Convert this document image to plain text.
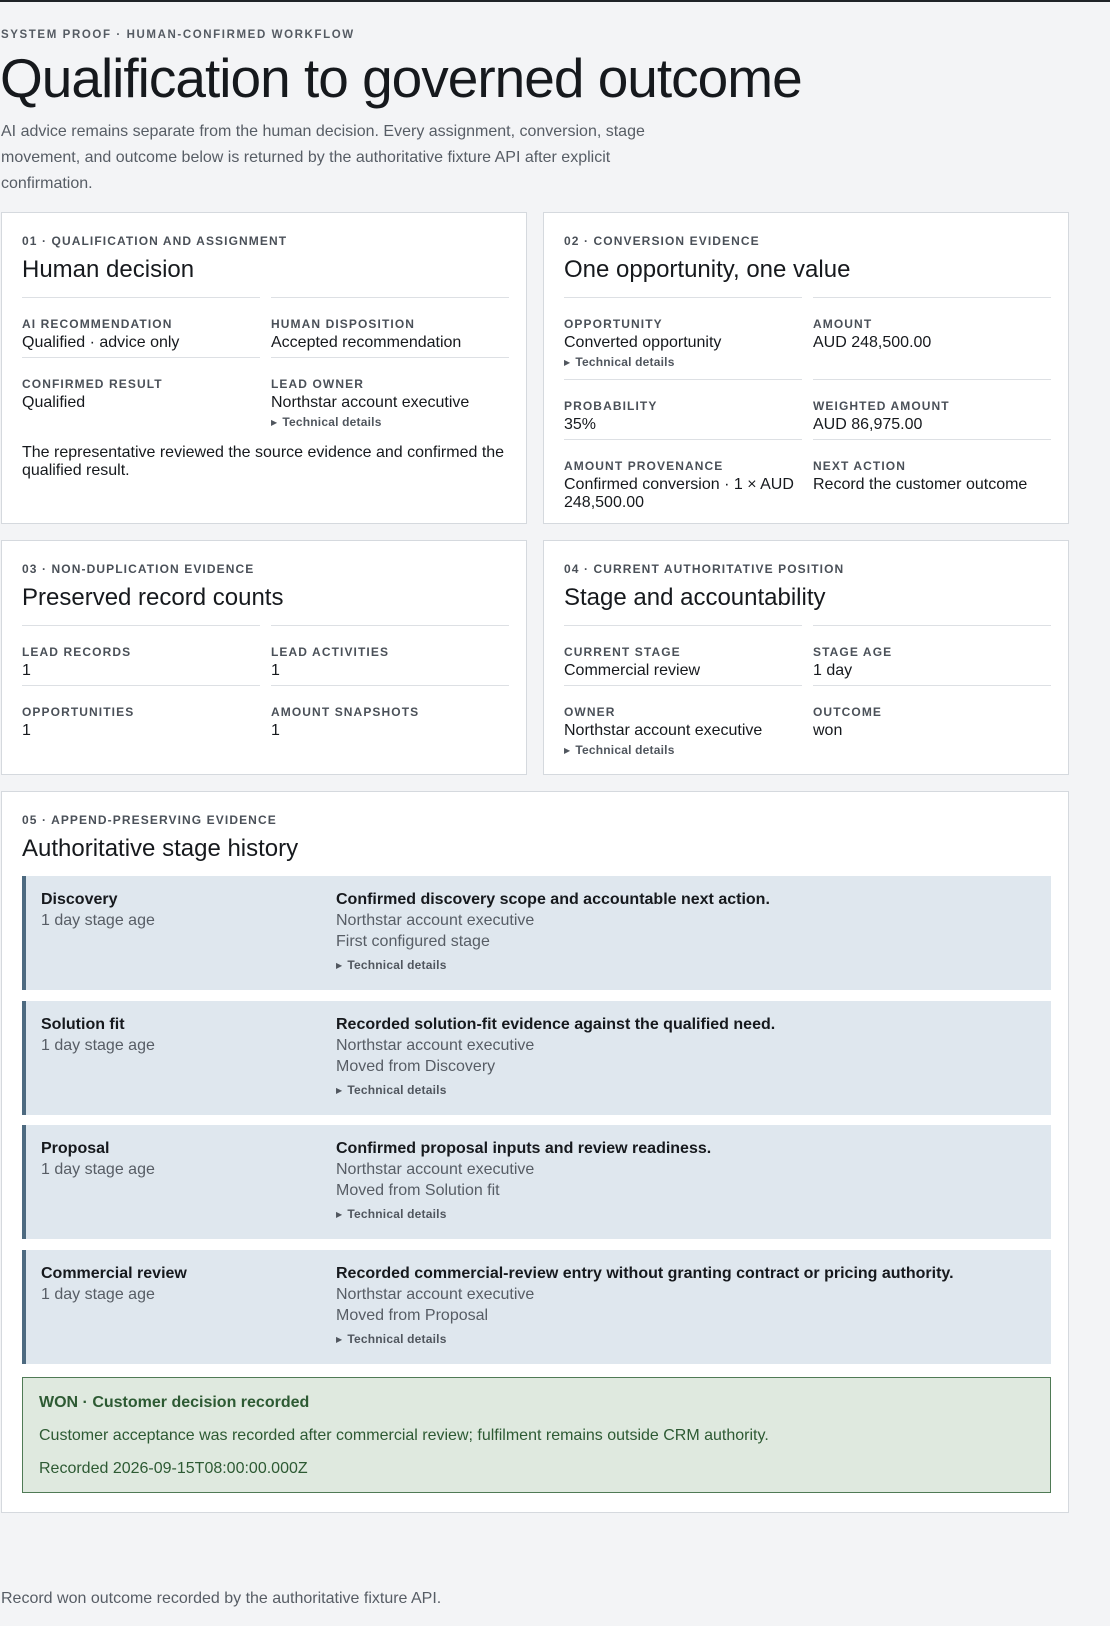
SYSTEM PROOF · HUMAN-CONFIRMED WORKFLOW
Qualification to governed outcome
AI advice remains separate from the human decision. Every assignment, conversion, stage movement, and outcome below is returned by the authoritative fixture API after explicit confirmation.
01 · QUALIFICATION AND ASSIGNMENT
Human decision
AI RECOMMENDATION
Qualified · advice only
HUMAN DISPOSITION
Accepted recommendation
CONFIRMED RESULT
Qualified
LEAD OWNER
Northstar account executive
▶ Technical details
The representative reviewed the source evidence and confirmed the qualified result.
02 · CONVERSION EVIDENCE
One opportunity, one value
OPPORTUNITY
Converted opportunity
▶ Technical details
AMOUNT
AUD 248,500.00
PROBABILITY
35%
WEIGHTED AMOUNT
AUD 86,975.00
AMOUNT PROVENANCE
Confirmed conversion · 1 × AUD 248,500.00
NEXT ACTION
Record the customer outcome
03 · NON-DUPLICATION EVIDENCE
Preserved record counts
LEAD RECORDS
1
LEAD ACTIVITIES
1
OPPORTUNITIES
1
AMOUNT SNAPSHOTS
1
04 · CURRENT AUTHORITATIVE POSITION
Stage and accountability
CURRENT STAGE
Commercial review
STAGE AGE
1 day
OWNER
Northstar account executive
▶ Technical details
OUTCOME
won
05 · APPEND-PRESERVING EVIDENCE
Authoritative stage history
Discovery
1 day stage age
Confirmed discovery scope and accountable next action.
Northstar account executive
First configured stage
▶ Technical details
Solution fit
1 day stage age
Recorded solution-fit evidence against the qualified need.
Northstar account executive
Moved from Discovery
▶ Technical details
Proposal
1 day stage age
Confirmed proposal inputs and review readiness.
Northstar account executive
Moved from Solution fit
▶ Technical details
Commercial review
1 day stage age
Recorded commercial-review entry without granting contract or pricing authority.
Northstar account executive
Moved from Proposal
▶ Technical details
WON · Customer decision recorded
Customer acceptance was recorded after commercial review; fulfilment remains outside CRM authority.
Recorded 2026-09-15T08:00:00.000Z
Record won outcome recorded by the authoritative fixture API.
